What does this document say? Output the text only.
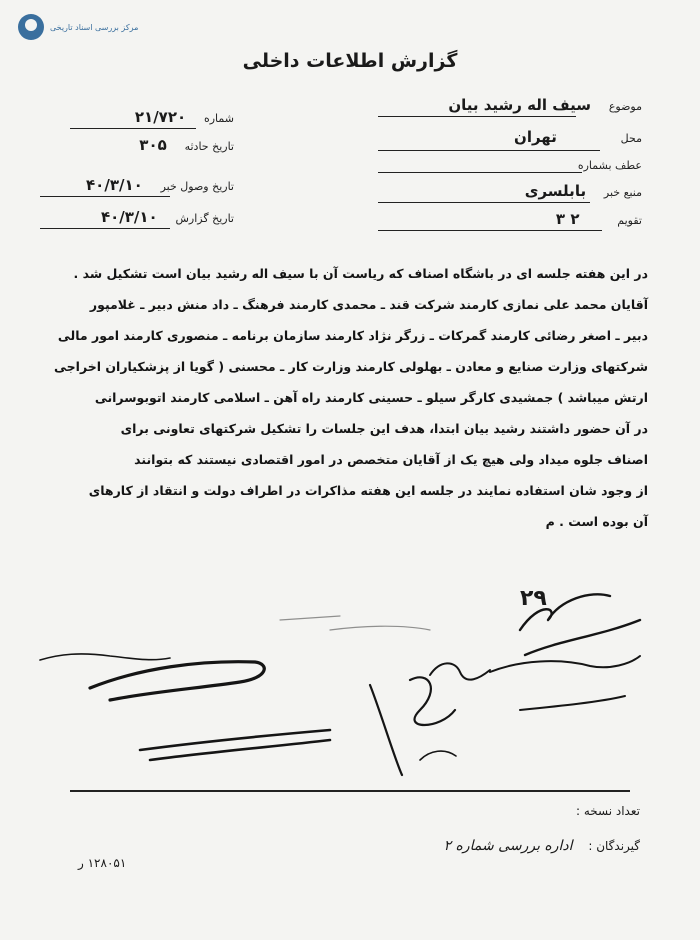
مرکز بررسی اسناد تاریخی
گزارش اطلاعات داخلی
موضوع سیف اله رشید بیان
محل تهران
عطف بشماره
منبع خبر بابلسری
تقویم ۲ ۳
شماره ۲۱/۷۲۰
تاریخ حادثه ۳۰۵
تاریخ وصول خبر ۴۰/۳/۱۰
تاریخ گزارش ۴۰/۳/۱۰

در این هفته جلسه ای در باشگاه اصناف که ریاست آن با سیف اله رشید بیان است تشکیل شد .

آقایان محمد علی نمازی کارمند شرکت قند ـ محمدی کارمند فرهنگ ـ داد منش دبیر ـ غلامپور

دبیر ـ اصغر رضائی کارمند گمرکات ـ زرگر نژاد کارمند سازمان برنامه ـ منصوری کارمند امور مالی

شرکتهای وزارت صنایع و معادن ـ بهلولی کارمند وزارت کار ـ محسنی ( گویا از پزشکیاران اخراجی

ارتش میباشد ) جمشیدی کارگر سیلو ـ حسینی کارمند راه آهن ـ اسلامی کارمند اتوبوسرانی

در آن حضور داشتند رشید بیان ابتدا، هدف این جلسات را تشکیل شرکتهای تعاونی برای

اصناف جلوه میداد ولی هیچ یک از آقایان متخصص در امور اقتصادی نیستند که بتوانند

از وجود شان استفاده نمایند در جلسه این هفته مذاکرات در اطراف دولت و انتقاد از کارهای

آن بوده است . م

۲۹
تعداد نسخه :
گیرندگان : اداره بررسی شماره ۲
۱۲۸۰۵۱ ر
